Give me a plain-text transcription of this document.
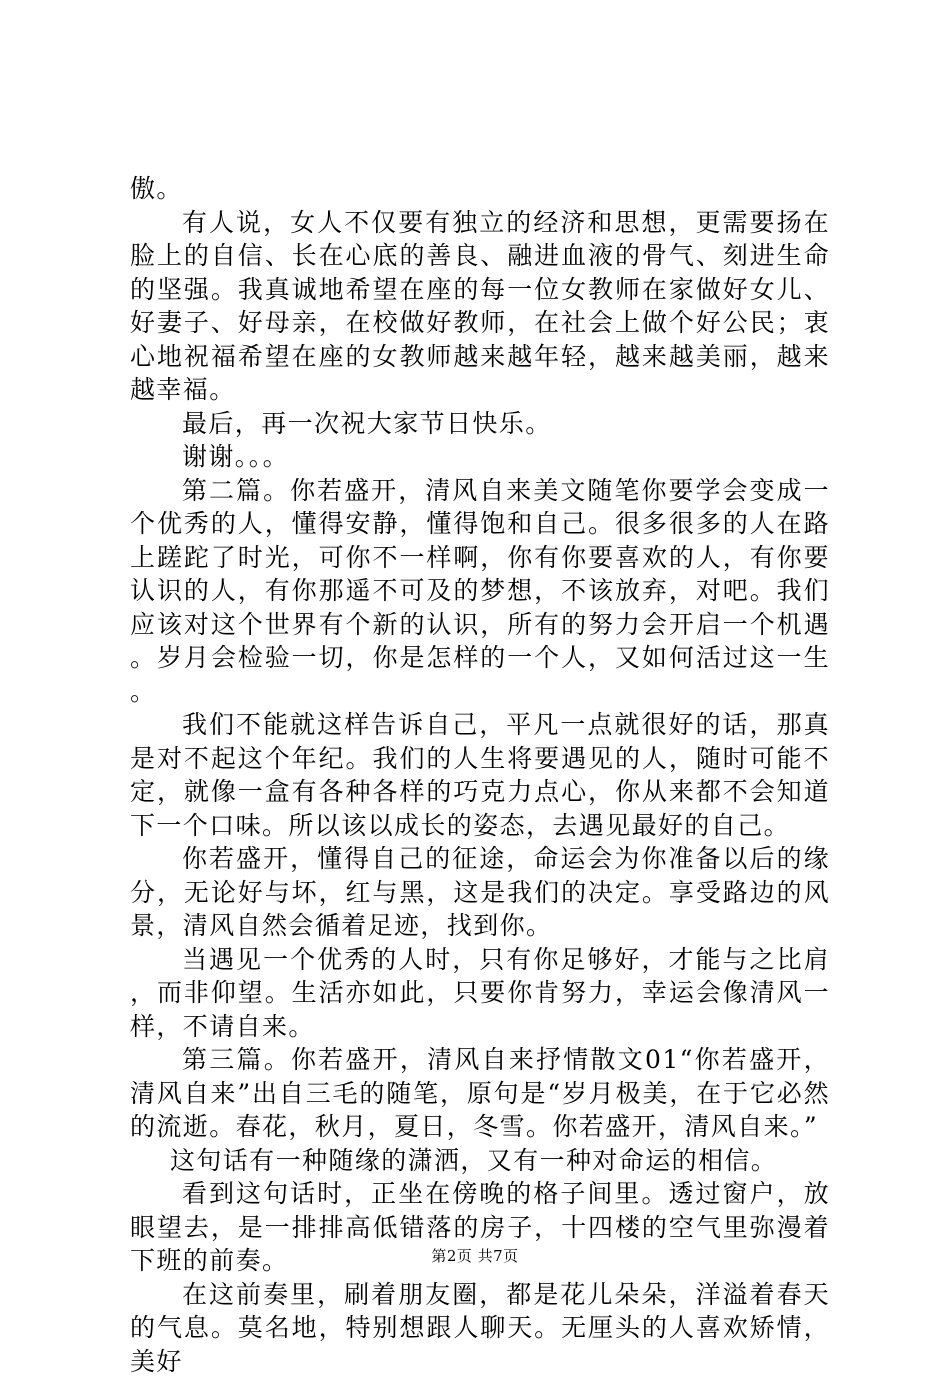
傲。

有人说，女人不仅要有独立的经济和思想，更需要扬在脸上的自信、长在心底的善良、融进血液的骨气、刻进生命的坚强。我真诚地希望在座的每一位女教师在家做好女儿、好妻子、好母亲，在校做好教师，在社会上做个好公民；衷心地祝福希望在座的女教师越来越年轻，越来越美丽，越来越幸福。

最后，再一次祝大家节日快乐。

谢谢。。。

第二篇。你若盛开，清风自来美文随笔你要学会变成一个优秀的人，懂得安静，懂得饱和自己。很多很多的人在路上蹉跎了时光，可你不一样啊，你有你要喜欢的人，有你要认识的人，有你那遥不可及的梦想，不该放弃，对吧。我们应该对这个世界有个新的认识，所有的努力会开启一个机遇。岁月会检验一切，你是怎样的一个人，又如何活过这一生。

我们不能就这样告诉自己，平凡一点就很好的话，那真是对不起这个年纪。我们的人生将要遇见的人，随时可能不定，就像一盒有各种各样的巧克力点心，你从来都不会知道下一个口味。所以该以成长的姿态，去遇见最好的自己。

你若盛开，懂得自己的征途，命运会为你准备以后的缘分，无论好与坏，红与黑，这是我们的决定。享受路边的风景，清风自然会循着足迹，找到你。

当遇见一个优秀的人时，只有你足够好，才能与之比肩，而非仰望。生活亦如此，只要你肯努力，幸运会像清风一样，不请自来。

第三篇。你若盛开，清风自来抒情散文01“你若盛开，清风自来”出自三毛的随笔，原句是“岁月极美，在于它必然的流逝。春花，秋月，夏日，冬雪。你若盛开，清风自来。”

这句话有一种随缘的潇洒，又有一种对命运的相信。

看到这句话时，正坐在傍晚的格子间里。透过窗户，放眼望去，是一排排高低错落的房子，十四楼的空气里弥漫着下班的前奏。

在这前奏里，刷着朋友圈，都是花儿朵朵，洋溢着春天的气息。莫名地，特别想跟人聊天。无厘头的人喜欢矫情，美好

第2页 共7页
